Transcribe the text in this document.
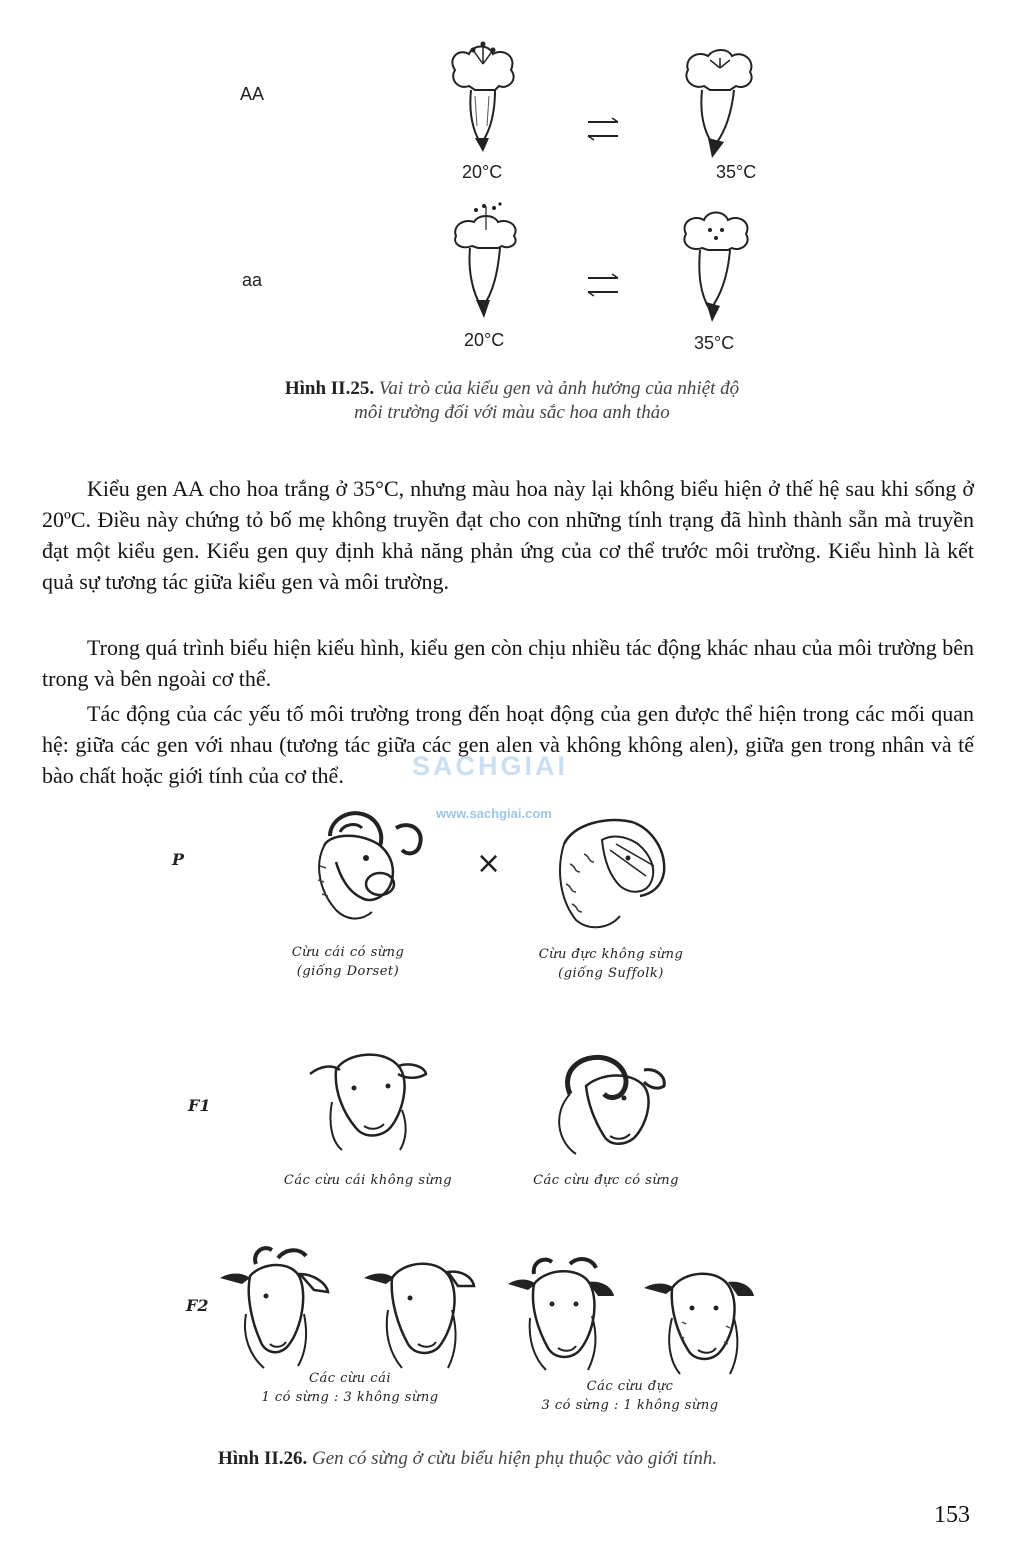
AA
aa
20°C	35°C
20°C	35°C
Hình II.25. Vai trò của kiểu gen và ảnh hưởng của nhiệt độ
môi trường đối với màu sắc hoa anh thảo

Kiểu gen AA cho hoa trắng ở 35°C, nhưng màu hoa này lại không biểu hiện ở thế hệ sau khi sống ở 20ºC. Điều này chứng tỏ bố mẹ không truyền đạt cho con những tính trạng đã hình thành sẵn mà truyền đạt một kiểu gen. Kiểu gen quy định khả năng phản ứng của cơ thể trước môi trường. Kiểu hình là kết quả sự tương tác giữa kiểu gen và môi trường.

Trong quá trình biểu hiện kiểu hình, kiểu gen còn chịu nhiều tác động khác nhau của môi trường bên trong và bên ngoài cơ thể.

Tác động của các yếu tố môi trường trong đến hoạt động của gen được thể hiện trong các mối quan hệ: giữa các gen với nhau (tương tác giữa các gen alen và không không alen), giữa gen trong nhân và tế bào chất hoặc giới tính của cơ thể.	SACHGIAI
www.sachgiai.com
P
F1
F2
×
Cừu cái có sừng
(giống Dorset)
Cừu đực không sừng
(giống Suffolk)
Các cừu cái không sừng	Các cừu đực có sừng
Các cừu cái
1 có sừng : 3 không sừng
Các cừu đực
3 có sừng : 1 không sừng
Hình II.26. Gen có sừng ở cừu biểu hiện phụ thuộc vào giới tính.
153
